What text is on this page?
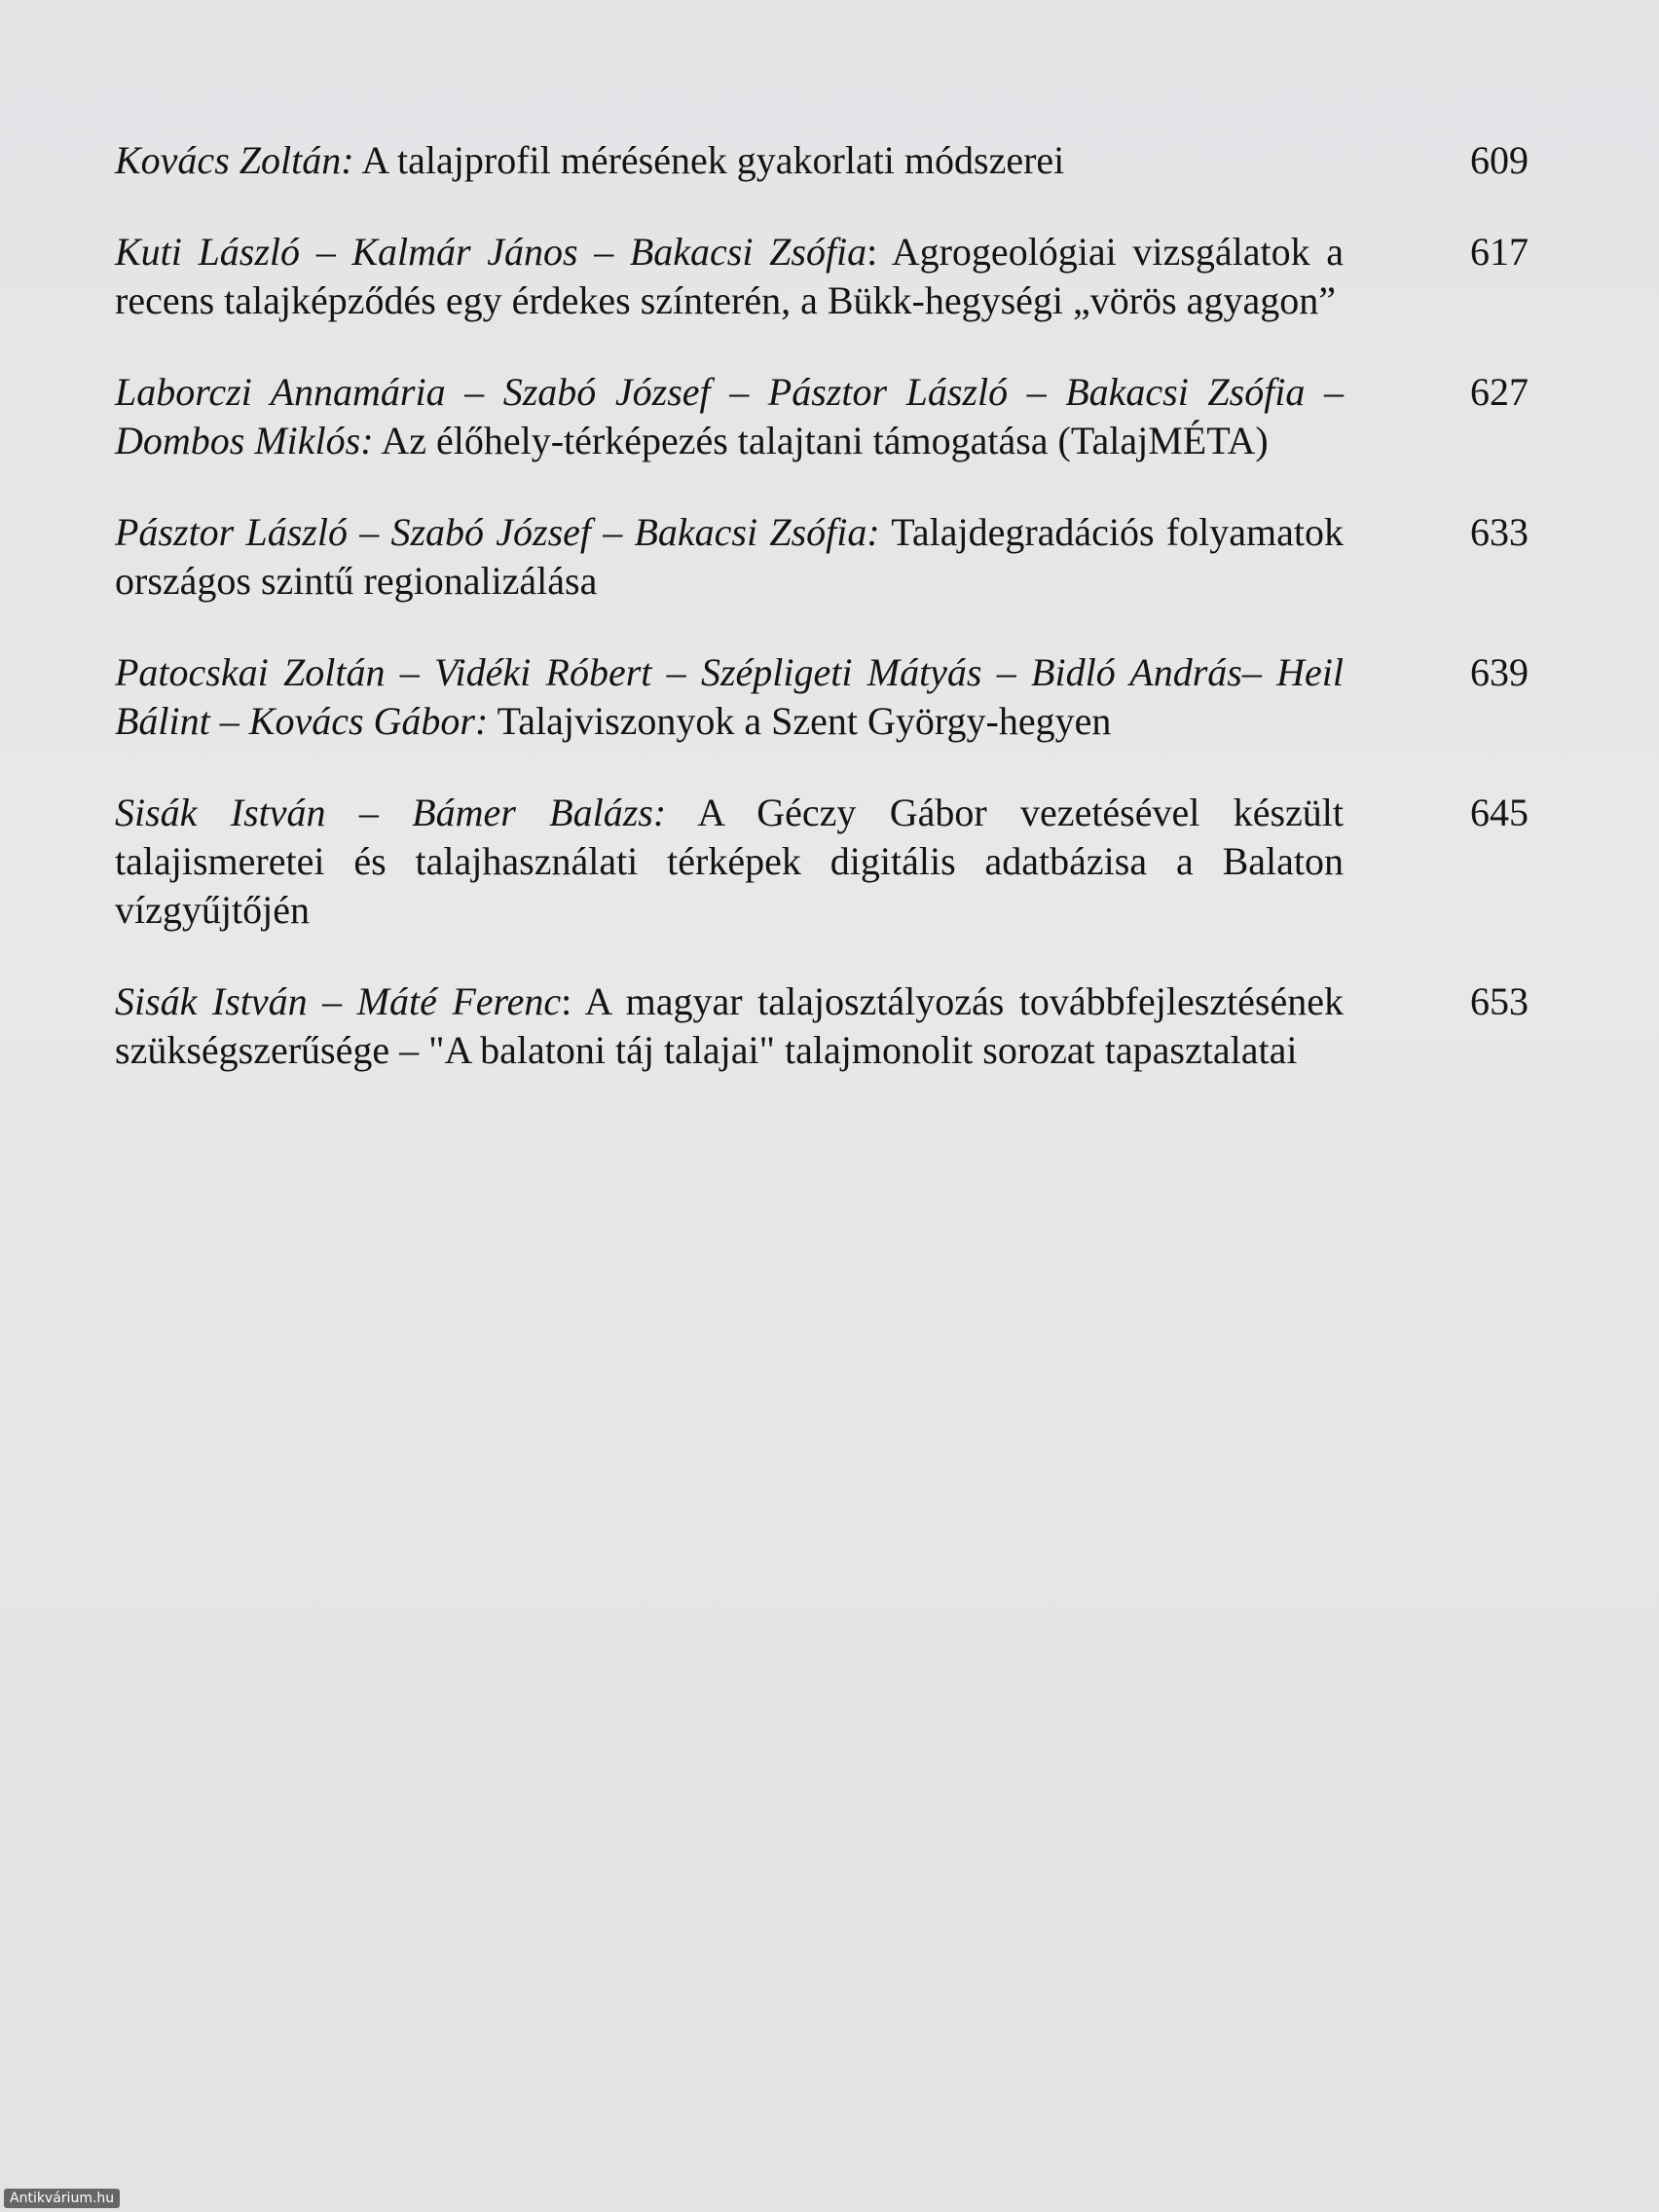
Kovács Zoltán: A talajprofil mérésének gyakorlati módszerei	609
Kuti László – Kalmár János – Bakacsi Zsófia: Agrogeológiai vizsgálatok a recens talajképződés egy érdekes színterén, a Bükk-hegységi „vörös agyagon”
617
Laborczi Annamária – Szabó József – Pásztor László – Bakacsi Zsófia – Dombos Miklós: Az élőhely-térképezés talajtani támogatása (TalajMÉTA)
627
Pásztor László – Szabó József – Bakacsi Zsófia: Talajdegradációs folyamatok országos szintű regionalizálása
633
Patocskai Zoltán – Vidéki Róbert – Szépligeti Mátyás – Bidló András– Heil Bálint – Kovács Gábor: Talajviszonyok a Szent György-hegyen
639
Sisák István – Bámer Balázs: A Géczy Gábor vezetésével készült talajismeretei és talajhasználati térképek digitális adatbázisa a Balaton vízgyűjtőjén
645
Sisák István – Máté Ferenc: A magyar talajosztályozás továbbfejlesztésének szükségszerűsége – "A balatoni táj talajai" talajmonolit sorozat tapasztalatai
653
Antikvárium.hu
